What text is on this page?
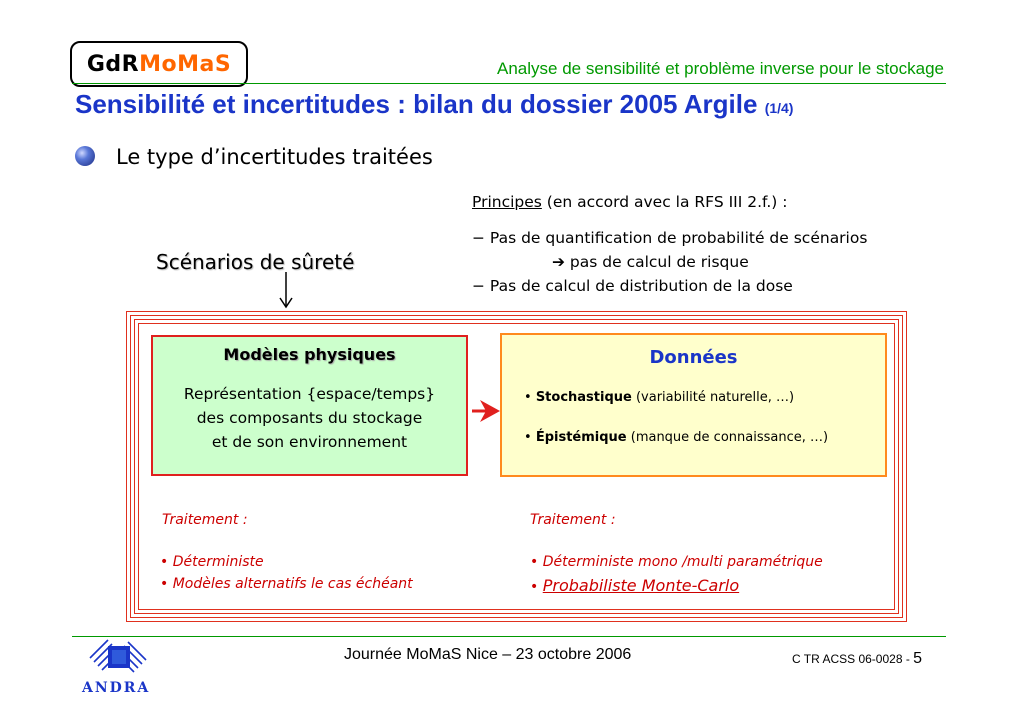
GdR MoMaS	Analyse de sensibilité et problème inverse pour le stockage
Sensibilité et incertitudes : bilan du dossier 2005 Argile (1/4)
Le type d’incertitudes traitées
Principes (en accord avec la RFS III 2.f.) :
− Pas de quantification de probabilité de scénarios
➔ pas de calcul de risque
− Pas de calcul de distribution de la dose
Scénarios de sûreté
Modèles physiques
Représentation {espace/temps}
des composants du stockage
et de son environnement
Données
• Stochastique (variabilité naturelle, …)
• Épistémique (manque de connaissance, …)
Traitement :
• Déterministe
• Modèles alternatifs le cas échéant
Traitement :
• Déterministe mono /multi paramétrique
• Probabiliste Monte-Carlo
Journée MoMaS Nice – 23 octobre 2006	C TR ACSS 06-0028 - 5
ANDRA
